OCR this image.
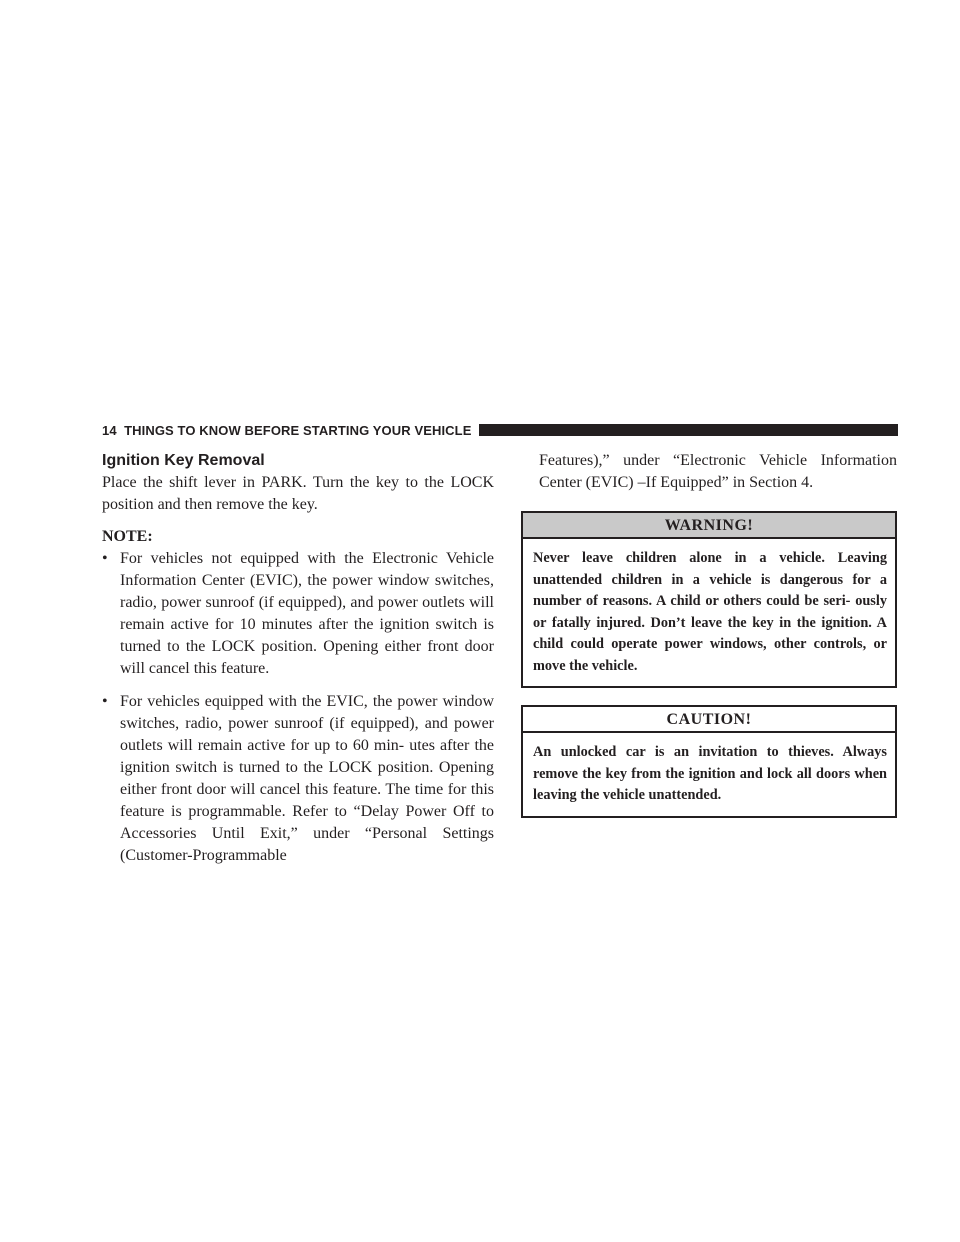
14 THINGS TO KNOW BEFORE STARTING YOUR VEHICLE
Ignition Key Removal

Place the shift lever in PARK. Turn the key to the LOCK position and then remove the key.

NOTE:

• For vehicles not equipped with the Electronic Vehicle Information Center (EVIC), the power window switches, radio, power sunroof (if equipped), and power outlets will remain active for 10 minutes after the ignition switch is turned to the LOCK position. Opening either front door will cancel this feature.
• For vehicles equipped with the EVIC, the power window switches, radio, power sunroof (if equipped), and power outlets will remain active for up to 60 min- utes after the ignition switch is turned to the LOCK position. Opening either front door will cancel this feature. The time for this feature is programmable. Refer to “Delay Power Off to Accessories Until Exit,” under “Personal Settings (Customer-Programmable

Features),” under “Electronic Vehicle Information Center (EVIC) –If Equipped” in Section 4.

WARNING!
Never leave children alone in a vehicle. Leaving unattended children in a vehicle is dangerous for a number of reasons. A child or others could be seri- ously or fatally injured. Don’t leave the key in the ignition. A child could operate power windows, other controls, or move the vehicle.
CAUTION!
An unlocked car is an invitation to thieves. Always remove the key from the ignition and lock all doors when leaving the vehicle unattended.
